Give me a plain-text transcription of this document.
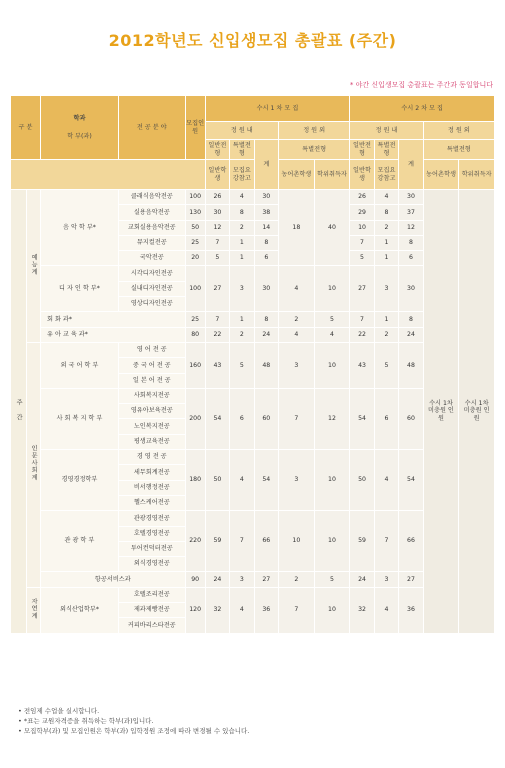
2012학년도 신입생모집 총괄표 (주간)
* 야간 신입생모집 총괄표는 주간과 동일합니다
구 분		학과
학 부(과)	전 공 분 야	모집인원	수시 1 차 모 집					수시 2 차 모 집				
					정 원 내			정 원 외		정 원 내			정 원 외	
					일반전형	특별전형	계	특별전형		일반전형	특별전형	계	특별전형	
					일반학생	모집요강참고		농어촌학생	학위취득자	일반학생	모집요강참고		농어촌학생	학위취득자
주 간	예능계	음 악 학 부*	클래식음악전공	100	26	4	30	18	40	26	4	30	수시 1차 미충원 인원	수시 1차 미충원 인원
			실용음악전공	130	30	8	38			29	8	37		
			교회실용음악전공	50	12	2	14			10	2	12		
			뮤지컬전공	25	7	1	8			7	1	8		
			국악전공	20	5	1	6			5	1	6		
		디 자 인 학 부*	시각디자인전공	100	27	3	30	4	10	27	3	30		
			실내디자인전공											
			영상디자인전공											
		회 화 과*		25	7	1	8	2	5	7	1	8		
		유 아 교 육 과*		80	22	2	24	4	4	22	2	24		
	인문사회계	외 국 어 학 부	영 어 전 공	160	43	5	48	3	10	43	5	48		
			중 국 어 전 공											
			일 본 어 전 공											
		사 회 복 지 학 부	사회복지전공	200	54	6	60	7	12	54	6	60		
			영유아보육전공											
			노인복지전공											
			평생교육전공											
		경영경정학부	경 영 전 공	180	50	4	54	3	10	50	4	54		
			세무회계전공											
			비서행정전공											
			헬스케어전공											
		관 광 학 부	관광경영전공	220	59	7	66	10	10	59	7	66		
			호텔경영전공											
			투어컨덕터전공											
			외식경영전공											
		항공서비스과		90	24	3	27	2	5	24	3	27		
	자연계	외식산업학부*	호텔조리전공	120	32	4	36	7	10	32	4	36		
			제과제빵전공											
			커피바리스타전공											
• 전임제 수업을 실시합니다.
• *표는 교원자격증을 취득하는 학부(과)입니다.
• 모집학부(과) 및 모집인원은 학부(과) 입학정원 조정에 따라 변경될 수 있습니다.
